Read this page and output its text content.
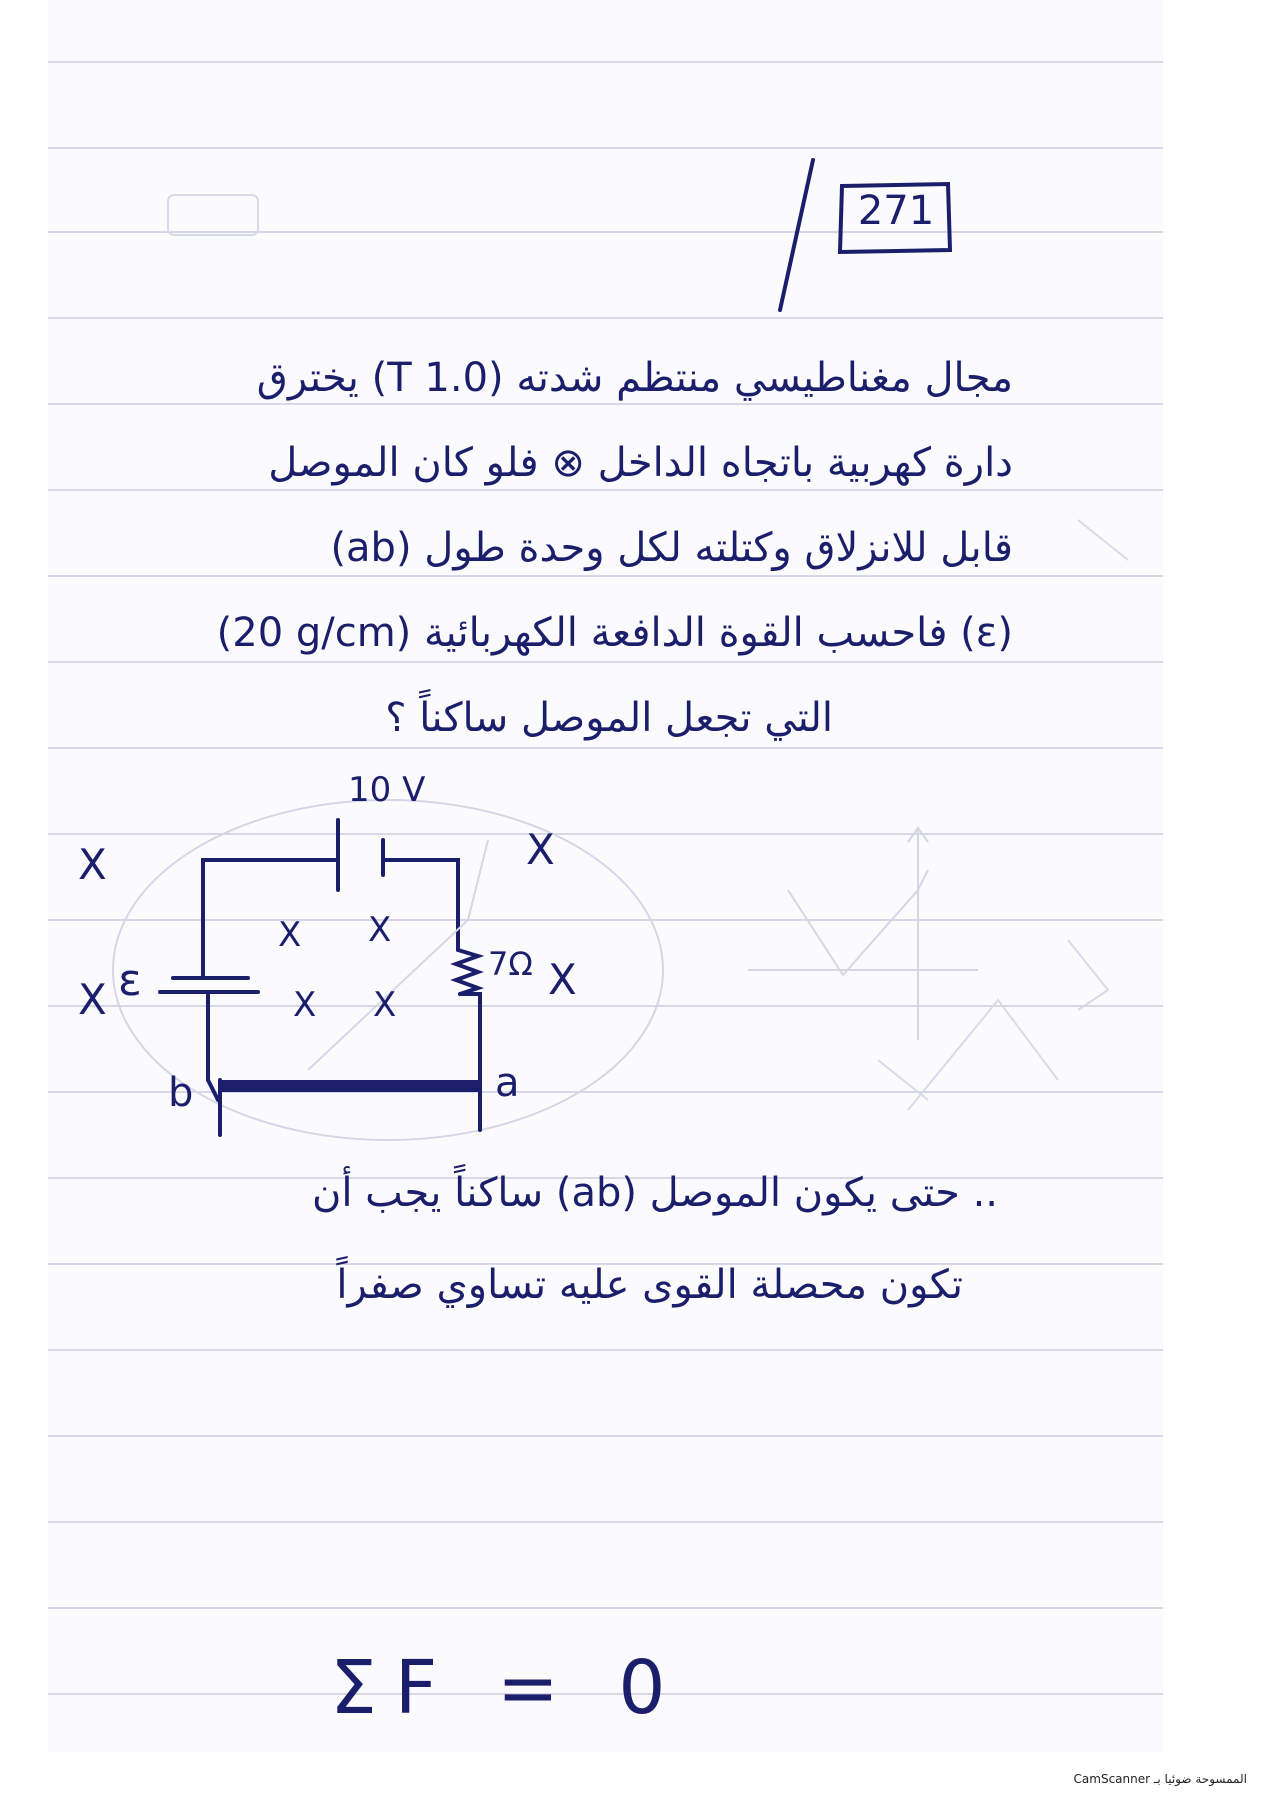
271
مجال مغناطيسي منتظم شدته (1.0 T) يخترق
دارة كهربية باتجاه الداخل ⊗ فلو كان الموصل
(ab) قابل للانزلاق وكتلته لكل وحدة طول
(20 g/cm) فاحسب القوة الدافعة الكهربائية (ε)
التي تجعل الموصل ساكناً ؟
10 V
7Ω
ε
a
b
X X
X X
X
X
X
X
.. حتى يكون الموصل (ab) ساكناً يجب أن
تكون محصلة القوى عليه تساوي صفراً
ΣF = 0
الممسوحة ضوئيا بـ CamScanner
